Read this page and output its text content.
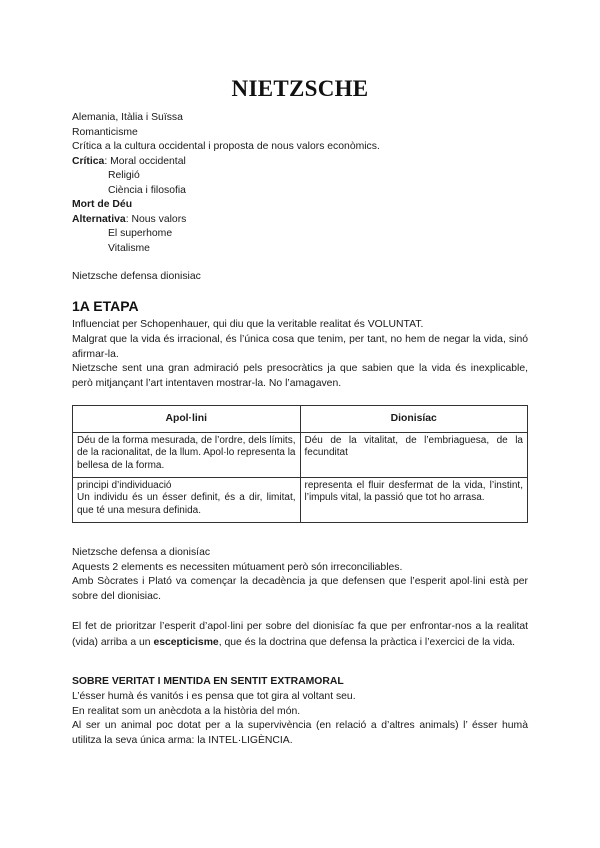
NIETZSCHE
Alemania, Itàlia i Suïssa
Romanticisme
Crítica a la cultura occidental i proposta de nous valors econòmics.
Crítica: Moral occidental
Religió
Ciència i filosofia
Mort de Déu
Alternativa: Nous valors
El superhome
Vitalisme
Nietzsche defensa dionisiac
1A ETAPA
Influenciat per Schopenhauer, qui diu que la veritable realitat és VOLUNTAT.
Malgrat que la vida és irracional, és l’única cosa que tenim, per tant, no hem de negar la vida, sinó afirmar-la.
Nietzsche sent una gran admiració pels presocràtics ja que sabien que la vida és inexplicable, però mitjançant l’art intentaven mostrar-la. No l’amagaven.
Apol·lini	Dionisíac
Déu de la forma mesurada, de l’ordre, dels límits, de la racionalitat, de la llum. Apol·lo representa la bellesa de la forma.	Déu de la vitalitat, de l’embriaguesa, de la fecunditat
principi d’individuació
Un individu és un ésser definit, és a dir, limitat, que té una mesura definida.	representa el fluir desfermat de la vida, l’instint, l’impuls vital, la passió que tot ho arrasa.
Nietzsche defensa a dionisíac
Aquests 2 elements es necessiten mútuament però són irreconciliables.
Amb Sòcrates i Plató va començar la decadència ja que defensen que l’esperit apol·lini està per sobre del dionisiac.
El fet de prioritzar l’esperit d’apol·lini per sobre del dionisíac fa que per enfrontar-nos a la realitat (vida) arriba a un escepticisme, que és la doctrina que defensa la pràctica i l’exercici de la vida.
SOBRE VERITAT I MENTIDA EN SENTIT EXTRAMORAL
L’ésser humà és vanitós i es pensa que tot gira al voltant seu.
En realitat som un anècdota a la història del món.
Al ser un animal poc dotat per a la supervivència (en relació a d’altres animals) l’ ésser humà utilitza la seva única arma: la INTEL·LIGÈNCIA.
